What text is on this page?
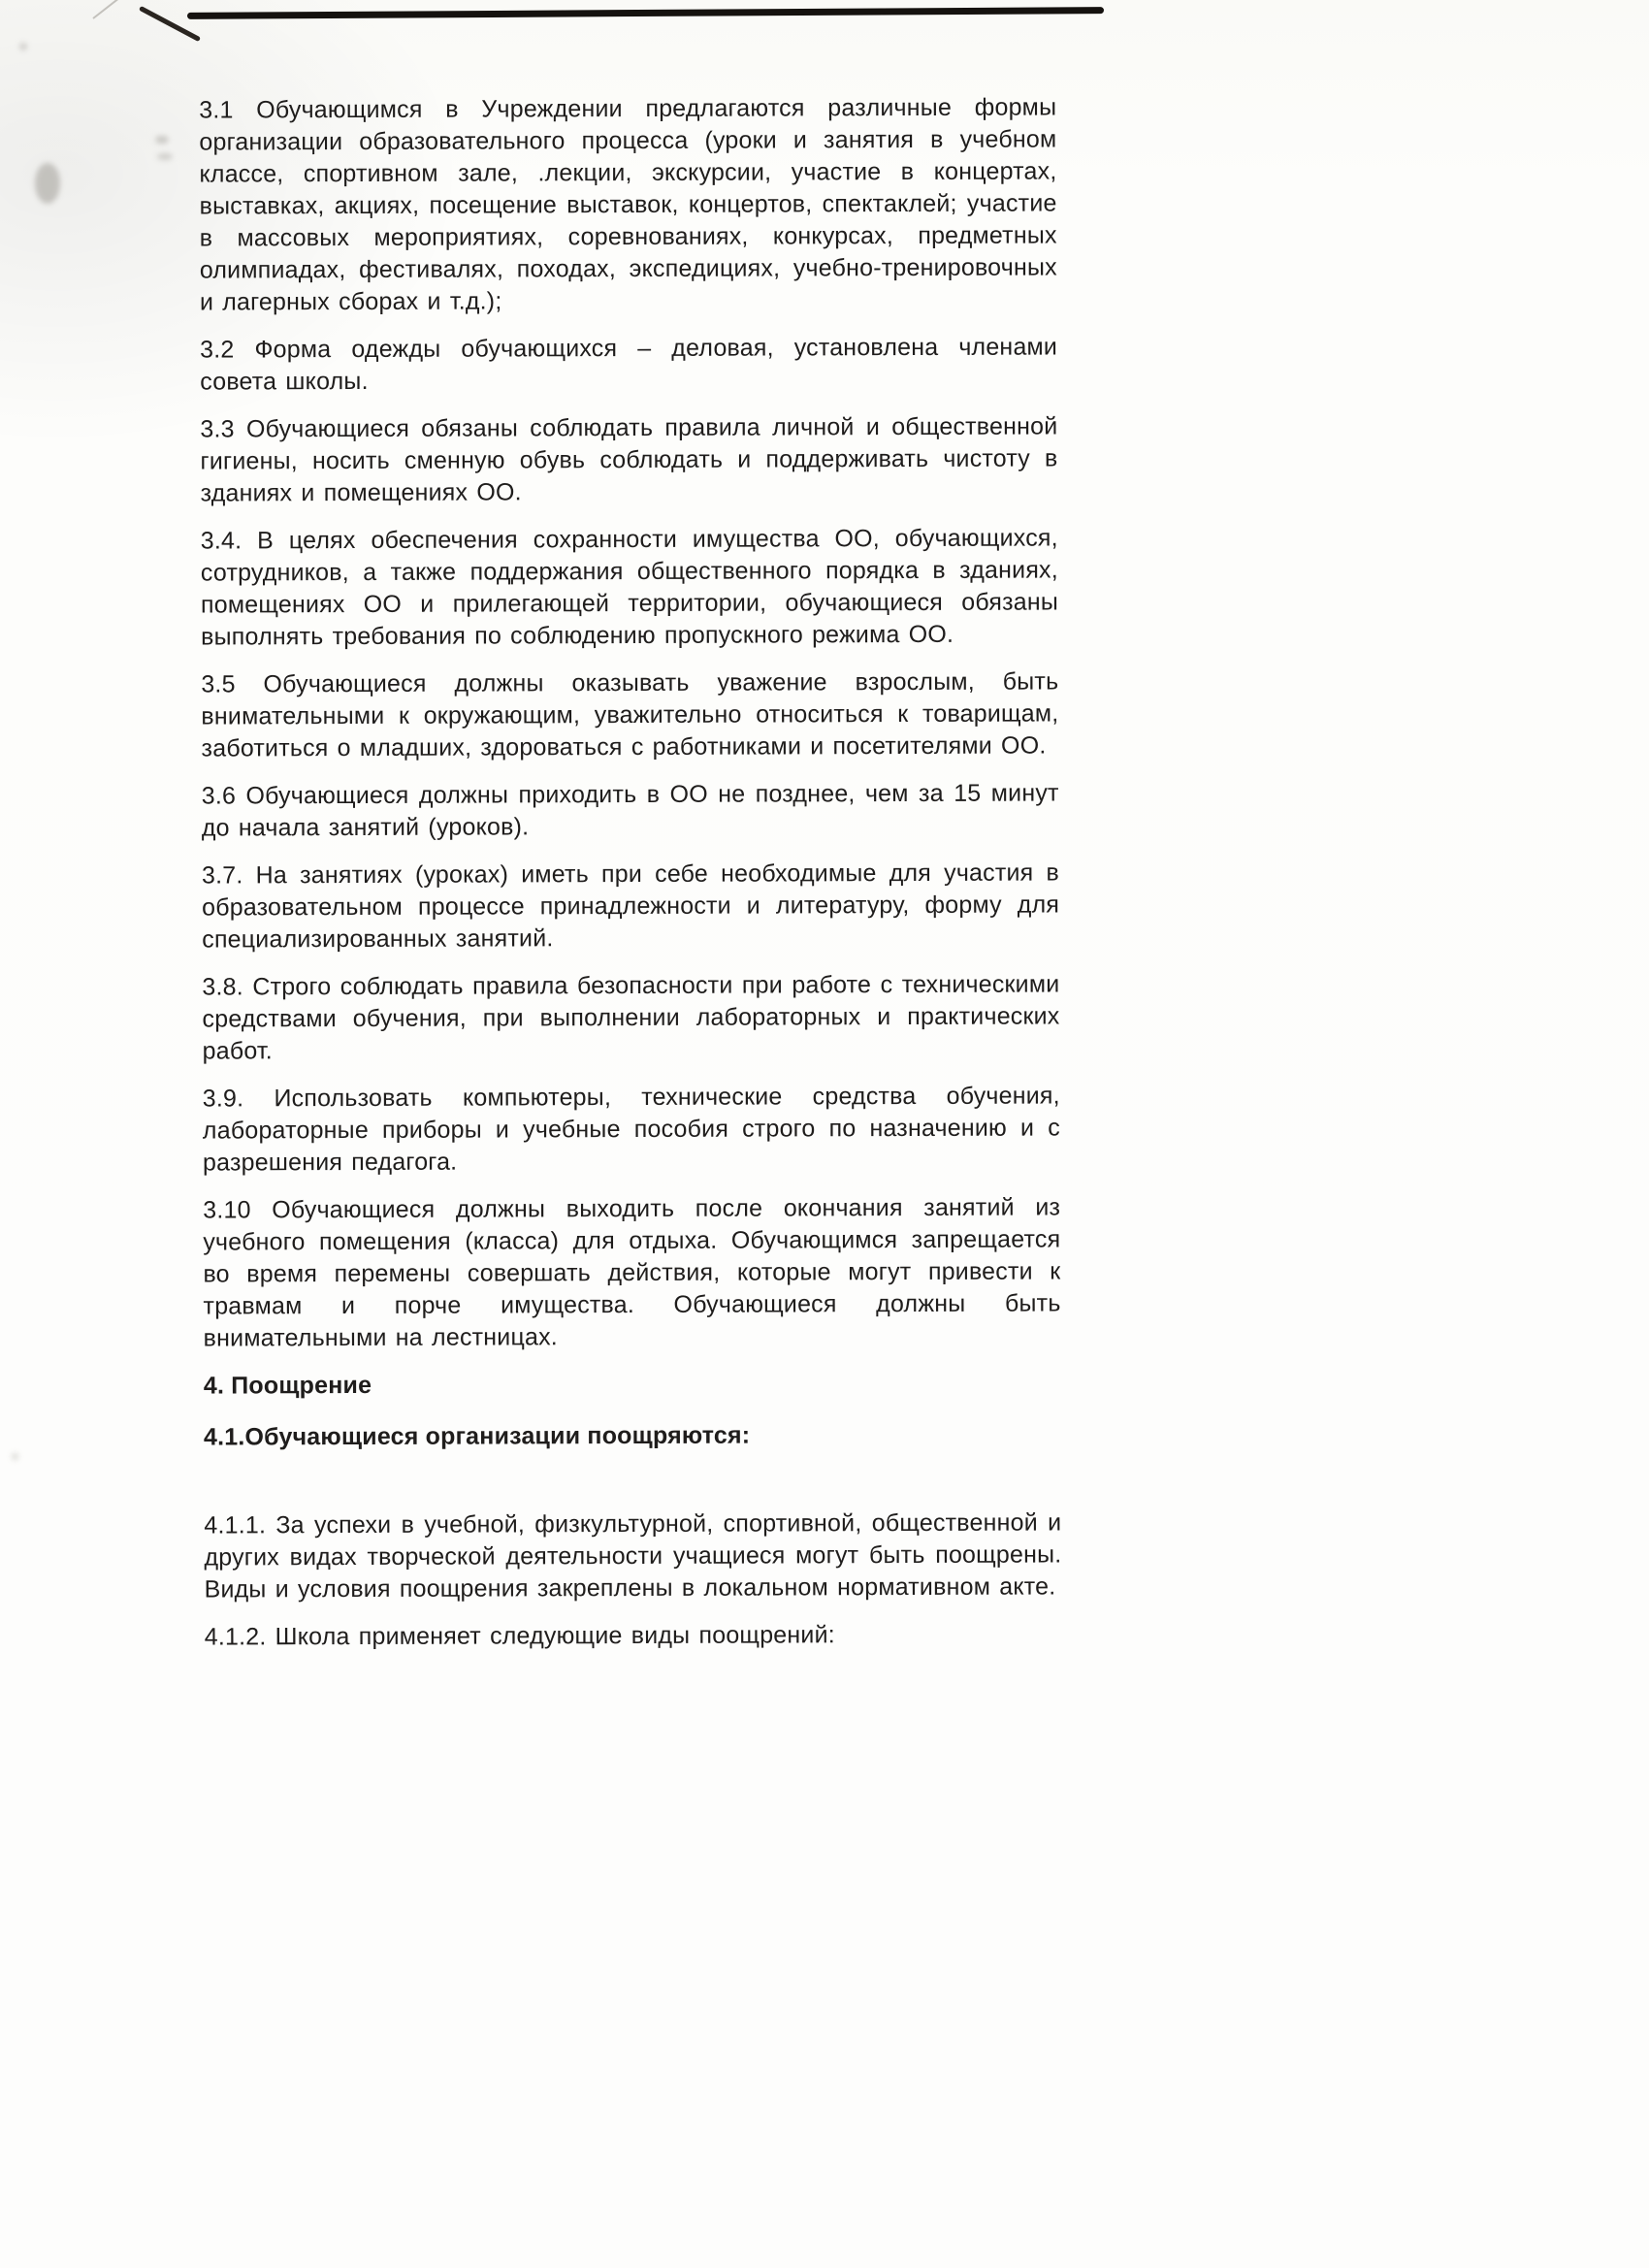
3.1 Обучающимся в Учреждении предлагаются различные формы организации образовательного процесса (уроки и занятия в учебном классе, спортивном зале, .лекции, экскурсии, участие в концертах, выставках, акциях, посещение выставок, концертов, спектаклей; участие в массовых мероприятиях, соревнованиях, конкурсах, предметных олимпиадах, фестивалях, походах, экспедициях, учебно-тренировочных и лагерных сборах и т.д.);

3.2 Форма одежды обучающихся – деловая, установлена членами совета школы.

3.3 Обучающиеся обязаны соблюдать правила личной и общественной гигиены, носить сменную обувь соблюдать и поддерживать чистоту в зданиях и помещениях ОО.

3.4. В целях обеспечения сохранности имущества ОО, обучающихся, сотрудников, а также поддержания общественного порядка в зданиях, помещениях ОО и прилегающей территории, обучающиеся обязаны выполнять требования по соблюдению пропускного режима ОО.

3.5 Обучающиеся должны оказывать уважение взрослым, быть внимательными к окружающим, уважительно относиться к товарищам, заботиться о младших, здороваться с работниками и посетителями ОО.

3.6 Обучающиеся должны приходить в ОО не позднее, чем за 15 минут до начала занятий (уроков).

3.7. На занятиях (уроках) иметь при себе необходимые для участия в образовательном процессе принадлежности и литературу, форму для специализированных занятий.

3.8. Строго соблюдать правила безопасности при работе с техническими средствами обучения, при выполнении лабораторных и практических работ.

3.9. Использовать компьютеры, технические средства обучения, лабораторные приборы и учебные пособия строго по назначению и с разрешения педагога.

3.10 Обучающиеся должны выходить после окончания занятий из учебного помещения (класса) для отдыха. Обучающимся запрещается во время перемены совершать действия, которые могут привести к травмам и порче имущества. Обучающиеся должны быть внимательными на лестницах.

4. Поощрение

4.1.Обучающиеся организации поощряются:

4.1.1. За успехи в учебной, физкультурной, спортивной, общественной и других видах творческой деятельности учащиеся могут быть поощрены. Виды и условия поощрения закреплены в локальном нормативном акте.

4.1.2. Школа применяет следующие виды поощрений:
